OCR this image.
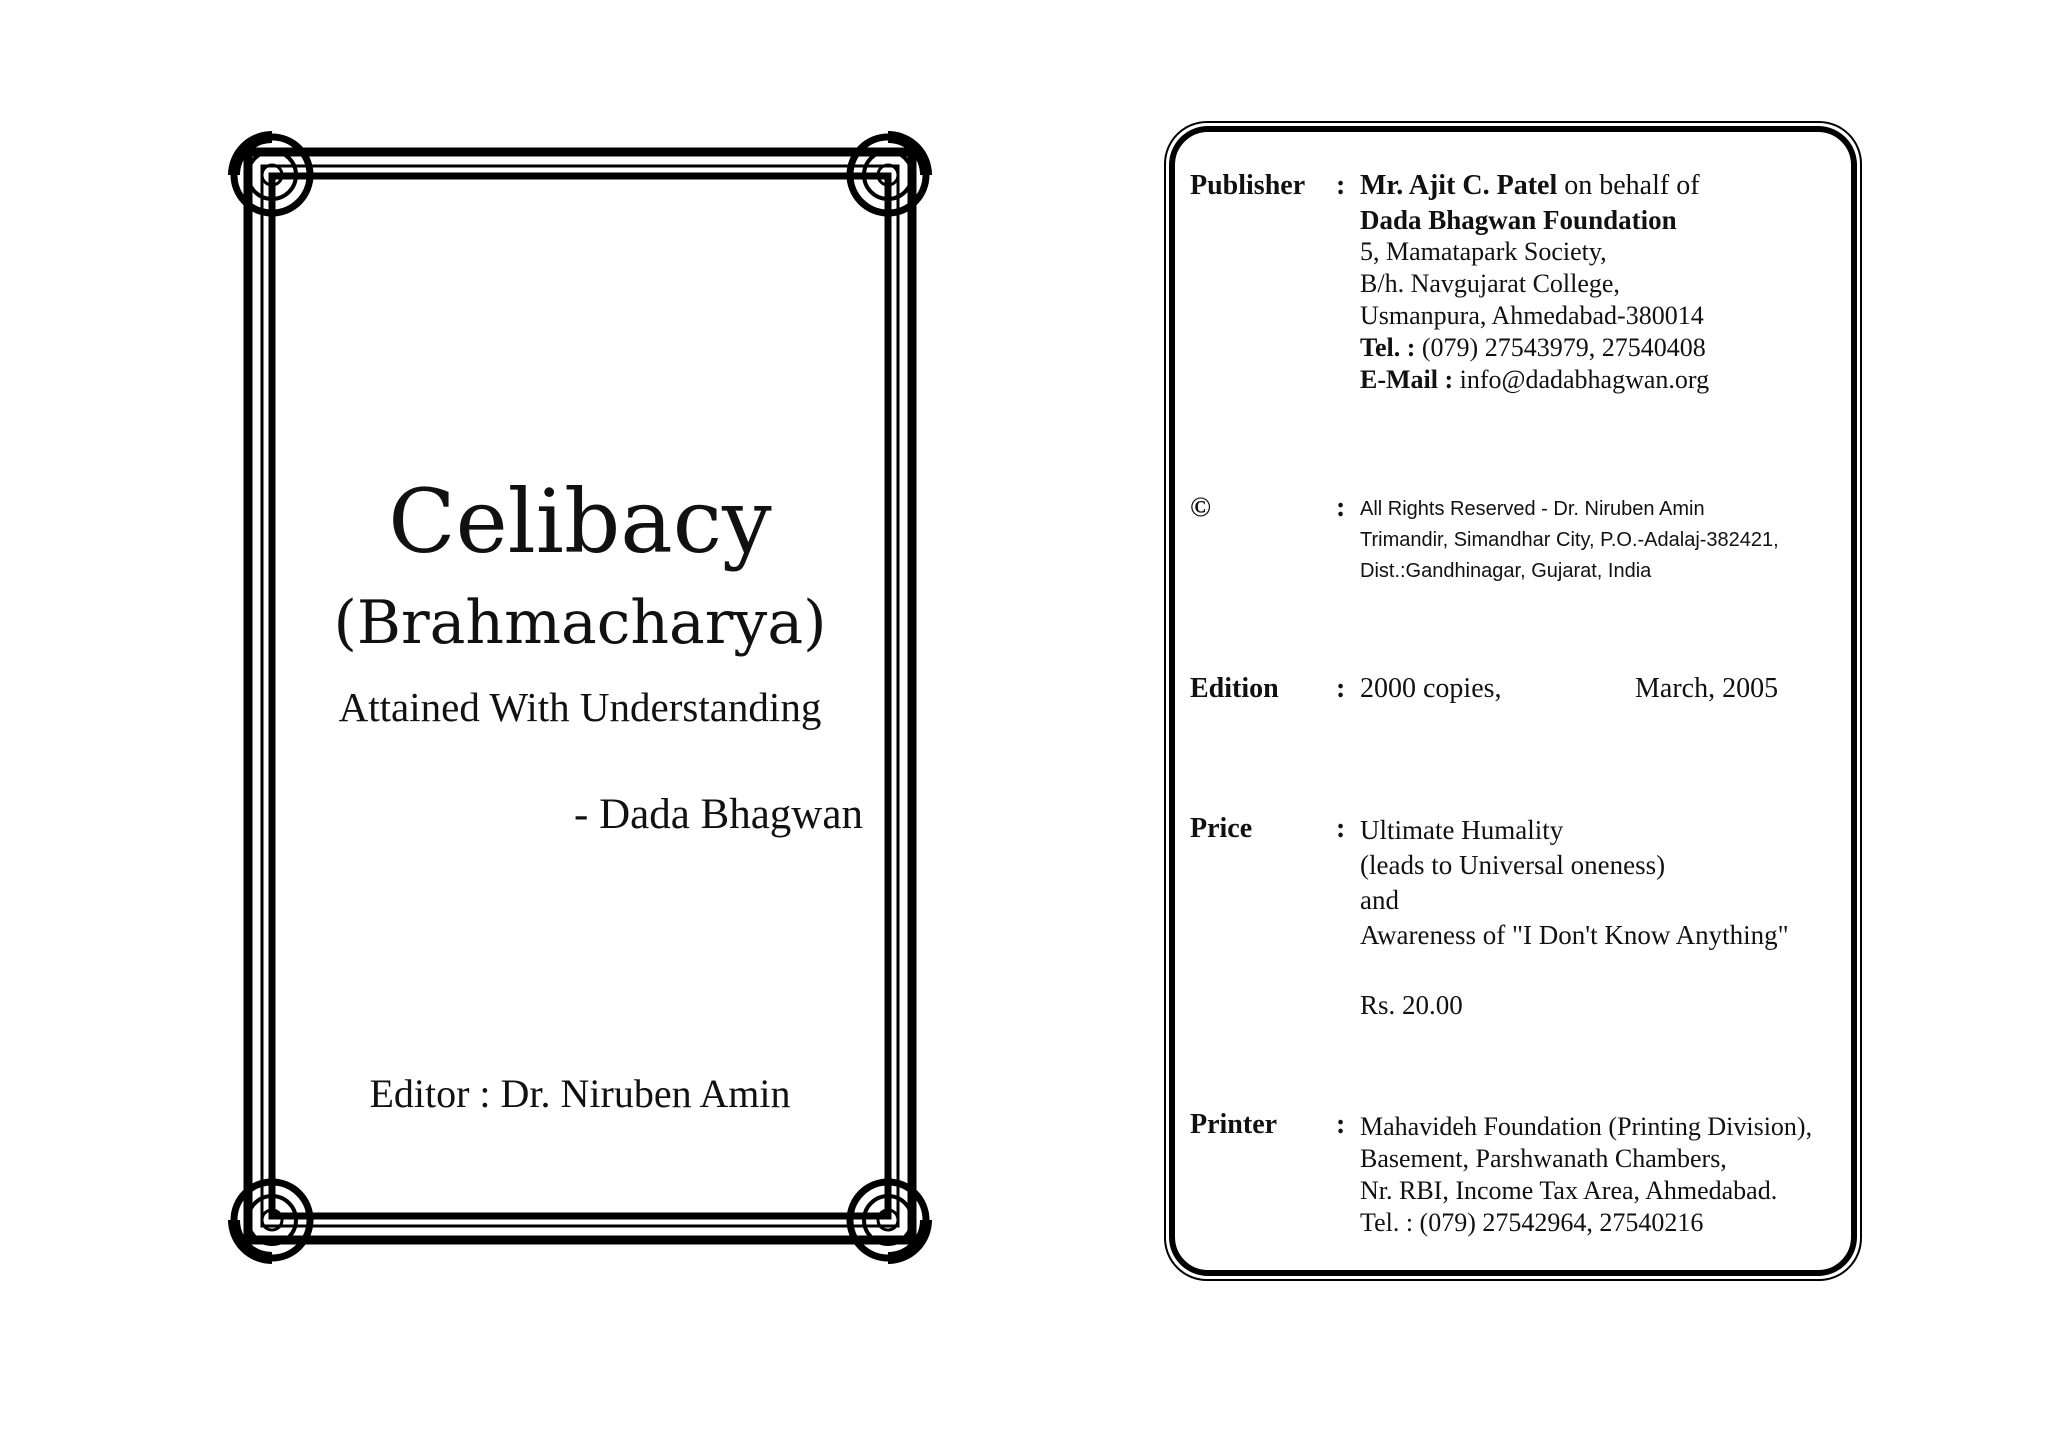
Celibacy
(Brahmacharya)
Attained With Understanding
- Dada Bhagwan
Editor : Dr. Niruben Amin
Publisher : Mr. Ajit C. Patel on behalf of
Dada Bhagwan Foundation
5, Mamatapark Society,
B/h. Navgujarat College,
Usmanpura, Ahmedabad-380014
Tel. : (079) 27543979, 27540408
E-Mail : info@dadabhagwan.org
©	: All Rights Reserved - Dr. Niruben Amin
Trimandir, Simandhar City, P.O.-Adalaj-382421,
Dist.:Gandhinagar, Gujarat, India
Edition : 2000 copies,	March, 2005
Price	: Ultimate Humality
(leads to Universal oneness)
and
Awareness of "I Don't Know Anything"
Rs. 20.00
Printer : Mahavideh Foundation (Printing Division),
Basement, Parshwanath Chambers,
Nr. RBI, Income Tax Area, Ahmedabad.
Tel. : (079) 27542964, 27540216
